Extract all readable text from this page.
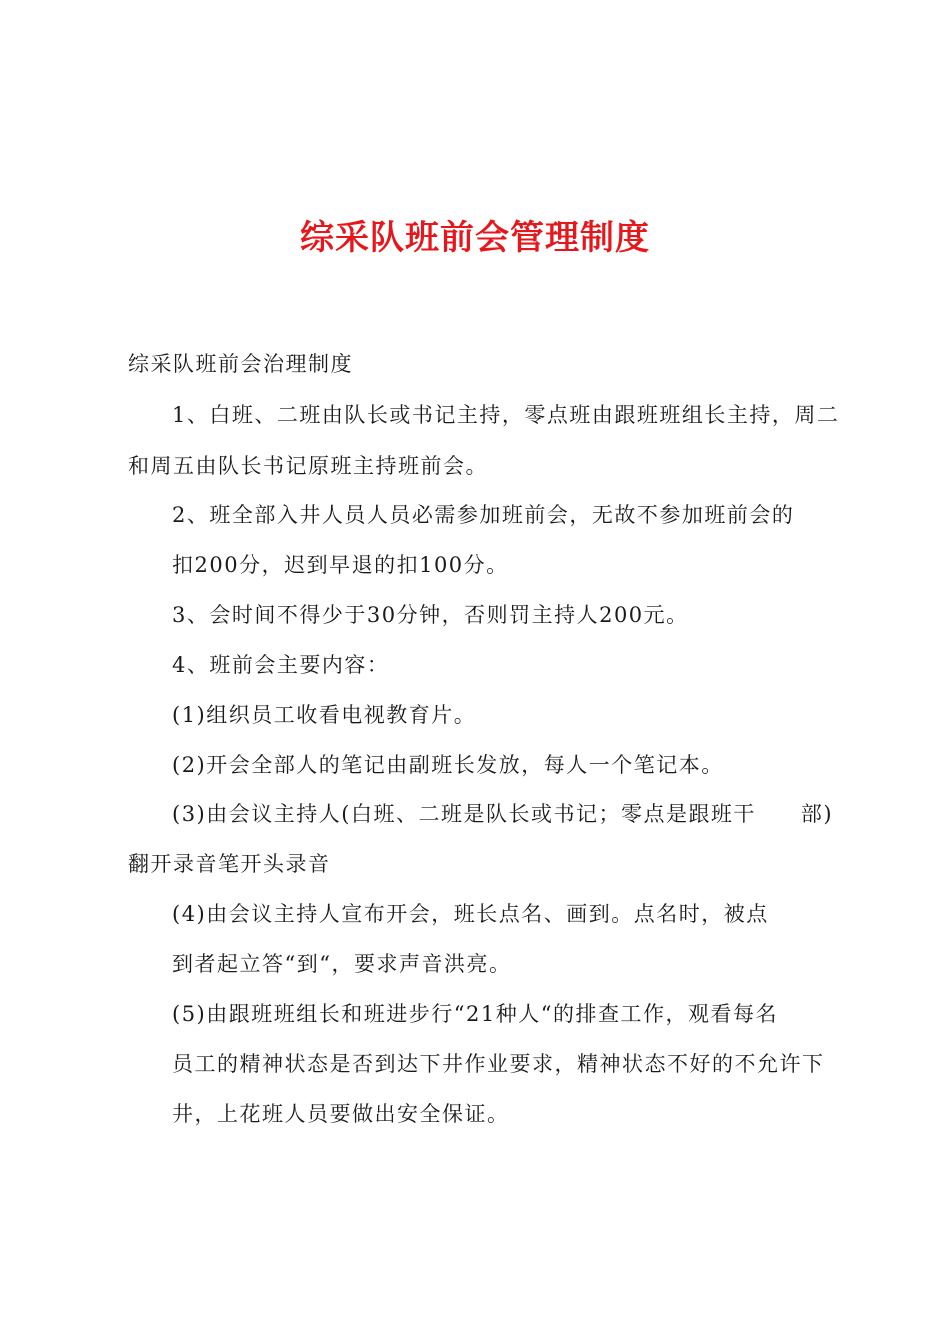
综采队班前会管理制度
综采队班前会治理制度
1、白班、二班由队长或书记主持，零点班由跟班班组长主持，周二
和周五由队长书记原班主持班前会。
2、班全部入井人员人员必需参加班前会，无故不参加班前会的
扣200分，迟到早退的扣100分。
3、会时间不得少于30分钟，否则罚主持人200元。
4、班前会主要内容：
(1)组织员工收看电视教育片。
(2)开会全部人的笔记由副班长发放，每人一个笔记本。
(3)由会议主持人(白班、二班是队长或书记；零点是跟班干　　部)
翻开录音笔开头录音
(4)由会议主持人宣布开会，班长点名、画到。点名时，被点
到者起立答“到“，要求声音洪亮。
(5)由跟班班组长和班进步行“21种人“的排查工作，观看每名
员工的精神状态是否到达下井作业要求，精神状态不好的不允许下
井，上花班人员要做出安全保证。
